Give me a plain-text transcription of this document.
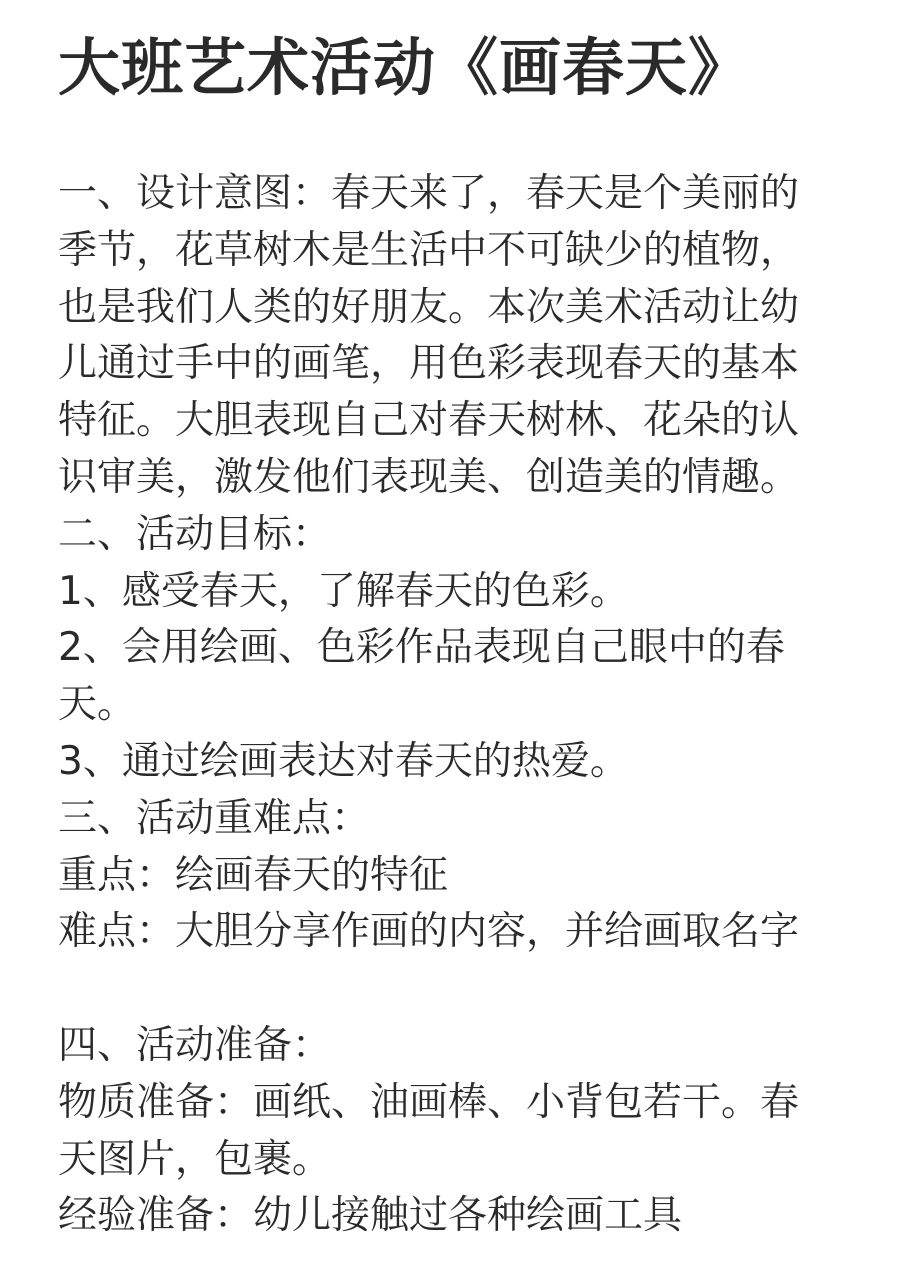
大班艺术活动《画春天》
一、设计意图：春天来了，春天是个美丽的
季节，花草树木是生活中不可缺少的植物，
也是我们人类的好朋友。本次美术活动让幼
儿通过手中的画笔，用色彩表现春天的基本
特征。大胆表现自己对春天树林、花朵的认
识审美，激发他们表现美、创造美的情趣。
二、活动目标：
1、感受春天，了解春天的色彩。
2、会用绘画、色彩作品表现自己眼中的春
天。
3、通过绘画表达对春天的热爱。
三、活动重难点：
重点：绘画春天的特征
难点：大胆分享作画的内容，并给画取名字
四、活动准备：
物质准备：画纸、油画棒、小背包若干。春
天图片，包裹。
经验准备：幼儿接触过各种绘画工具
